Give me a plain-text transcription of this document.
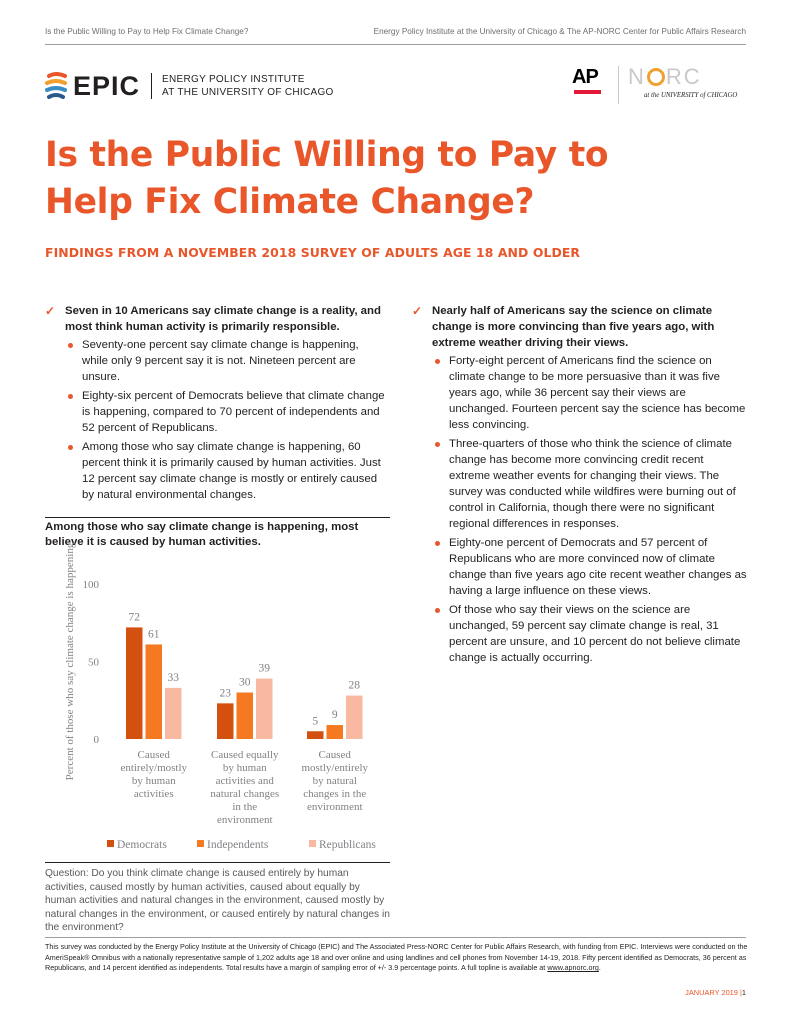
Is the Public Willing to Pay to Help Fix Climate Change?	Energy Policy Institute at the University of Chicago & The AP-NORC Center for Public Affairs Research
EPIC ENERGY POLICY INSTITUTE
AT THE UNIVERSITY OF CHICAGO
AP N RC
at the UNIVERSITY of CHICAGO
Is the Public Willing to Pay to
Help Fix Climate Change?
FINDINGS FROM A NOVEMBER 2018 SURVEY OF ADULTS AGE 18 AND OLDER
✓ Seven in 10 Americans say climate change is a reality, and most think human activity is primarily responsible.
Seventy-one percent say climate change is happening, while only 9 percent say it is not. Nineteen percent are unsure.
Eighty-six percent of Democrats believe that climate change is happening, compared to 70 percent of independents and 52 percent of Republicans.
Among those who say climate change is happening, 60 percent think it is primarily caused by human activities. Just 12 percent say climate change is mostly or entirely caused by natural environmental changes.
✓ Nearly half of Americans say the science on climate change is more convincing than five years ago, with extreme weather driving their views.
Forty-eight percent of Americans find the science on climate change to be more persuasive than it was five years ago, while 36 percent say their views are unchanged. Fourteen percent say the science has become less convincing.
Three-quarters of those who think the science of climate change has become more convincing credit recent extreme weather events for changing their views. The survey was conducted while wildfires were burning out of control in California, though there were no significant regional differences in responses.
Eighty-one percent of Democrats and 57 percent of Republicans who are more convinced now of climate change than five years ago cite recent weather changes as having a large influence on these views.
Of those who say their views on the science are unchanged, 59 percent say climate change is real, 31 percent are unsure, and 10 percent do not believe climate change is actually occurring.
Among those who say climate change is happening, most believe it is caused by human activities.
Percent of those who say climate change is happening 0
50
100
72
23
5
61
30
9
33
39
28
Caused
entirely/mostly
by human
activities
Caused equally
by human
activities and
natural changes
in the
environment
Caused
mostly/entirely
by natural
changes in the
environment
Democrats	Independents	Republicans
Question: Do you think climate change is caused entirely by human activities, caused mostly by human activities, caused about equally by human activities and natural changes in the environment, caused mostly by natural changes in the environment, or caused entirely by natural changes in the environment?
This survey was conducted by the Energy Policy Institute at the University of Chicago (EPIC) and The Associated Press-NORC Center for Public Affairs Research, with funding from EPIC. Interviews were conducted on the AmeriSpeak® Omnibus with a nationally representative sample of 1,202 adults age 18 and over online and using landlines and cell phones from November 14-19, 2018. Fifty percent identified as Democrats, 36 percent as Republicans, and 14 percent identified as independents. Total results have a margin of sampling error of +/- 3.9 percentage points. A full topline is available at www.apnorc.org.
JANUARY 2019 |1
